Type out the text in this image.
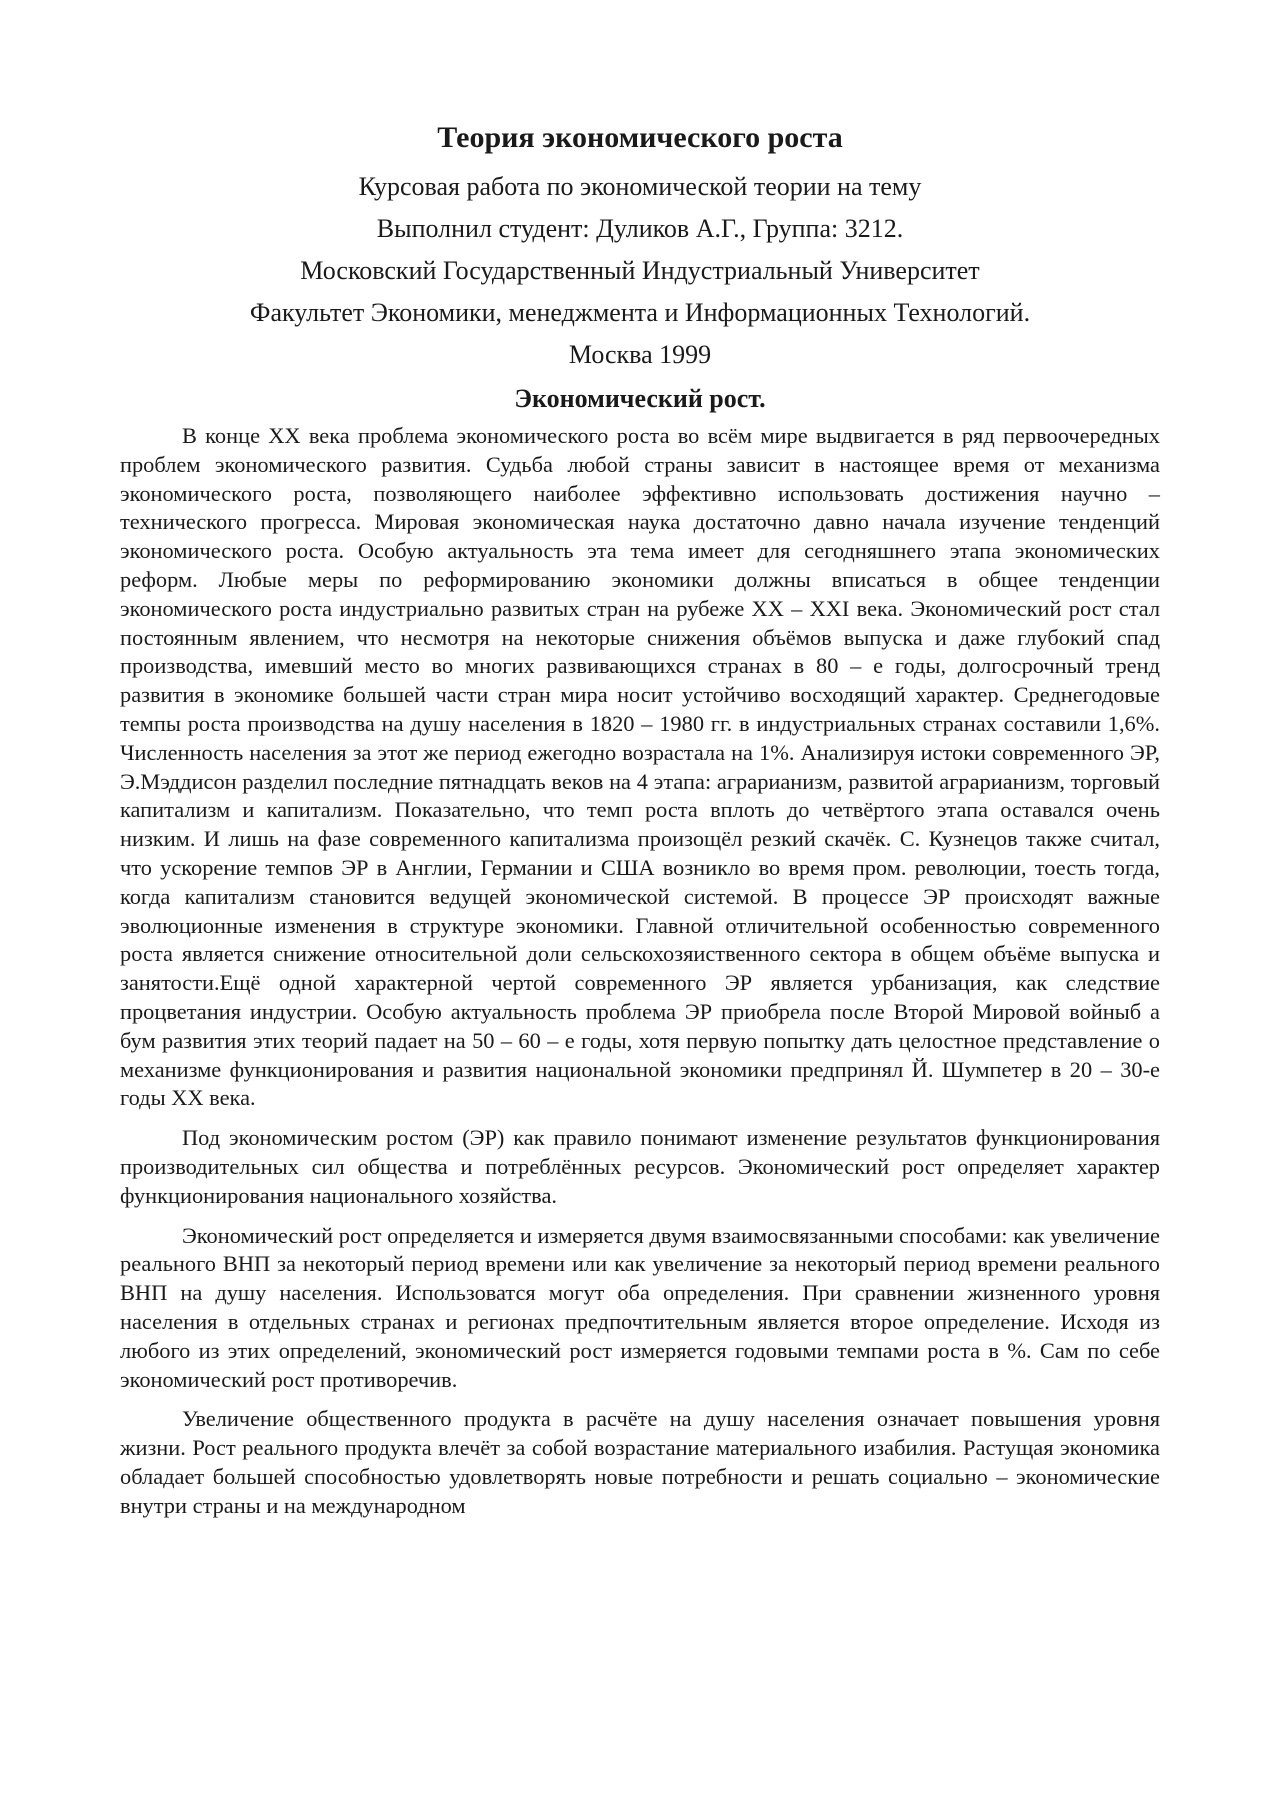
Теория экономического роста

Курсовая работа по экономической теории на тему

Выполнил студент: Дуликов А.Г., Группа: 3212.

Московский Государственный Индустриальный Университет

Факультет Экономики, менеджмента и Информационных Технологий.

Москва 1999

Экономический рост.

В конце XX века проблема экономического роста во всём мире выдвигается в ряд первоочередных проблем экономического развития. Судьба любой страны зависит в настоящее время от механизма экономического роста, позволяющего наиболее эффективно использовать достижения научно – технического прогресса. Мировая экономическая наука достаточно давно начала изучение тенденций экономического роста. Особую актуальность эта тема имеет для сегодняшнего этапа экономических реформ. Любые меры по реформированию экономики должны вписаться в общее тенденции экономического роста индустриально развитых стран на рубеже XX – XXI века. Экономический рост стал постоянным явлением, что несмотря на некоторые снижения объёмов выпуска и даже глубокий спад производства, имевший место во многих развивающихся странах в 80 – е годы, долгосрочный тренд развития в экономике большей части стран мира носит устойчиво восходящий характер. Среднегодовые темпы роста производства на душу населения в 1820 – 1980 гг. в индустриальных странах составили 1,6%. Численность населения за этот же период ежегодно возрастала на 1%. Анализируя истоки современного ЭР, Э.Мэддисон разделил последние пятнадцать веков на 4 этапа: аграрианизм, развитой аграрианизм, торговый капитализм и капитализм. Показательно, что темп роста вплоть до четвёртого этапа оставался очень низким. И лишь на фазе современного капитализма произощёл резкий скачёк. С. Кузнецов также считал, что ускорение темпов ЭР в Англии, Германии и США возникло во время пром. революции, тоесть тогда, когда капитализм становится ведущей экономической системой. В процессе ЭР происходят важные эволюционные изменения в структуре экономики. Главной отличительной особенностью современного роста является снижение относительной доли сельскохозяиственного сектора в общем объёме выпуска и занятости.Ещё одной характерной чертой современного ЭР является урбанизация, как следствие процветания индустрии. Особую актуальность проблема ЭР приобрела после Второй Мировой войныб а бум развития этих теорий падает на 50 – 60 – е годы, хотя первую попытку дать целостное представление о механизме функционирования и развития национальной экономики предпринял Й. Шумпетер в 20 – 30-е годы XX века.

Под экономическим ростом (ЭР) как правило понимают изменение результатов функционирования производительных сил общества и потреблённых ресурсов. Экономический рост определяет характер функционирования национального хозяйства.

Экономический рост определяется и измеряется двумя взаимосвязанными способами: как увеличение реального ВНП за некоторый период времени или как увеличение за некоторый период времени реального ВНП на душу населения. Использоватся могут оба определения. При сравнении жизненного уровня населения в отдельных странах и регионах предпочтительным является второе определение. Исходя из любого из этих определений, экономический рост измеряется годовыми темпами роста в %. Сам по себе экономический рост противоречив.

Увеличение общественного продукта в расчёте на душу населения означает повышения уровня жизни. Рост реального продукта влечёт за собой возрастание материального изабилия. Растущая экономика обладает большей способностью удовлетворять новые потребности и решать социально – экономические внутри страны и на международном
